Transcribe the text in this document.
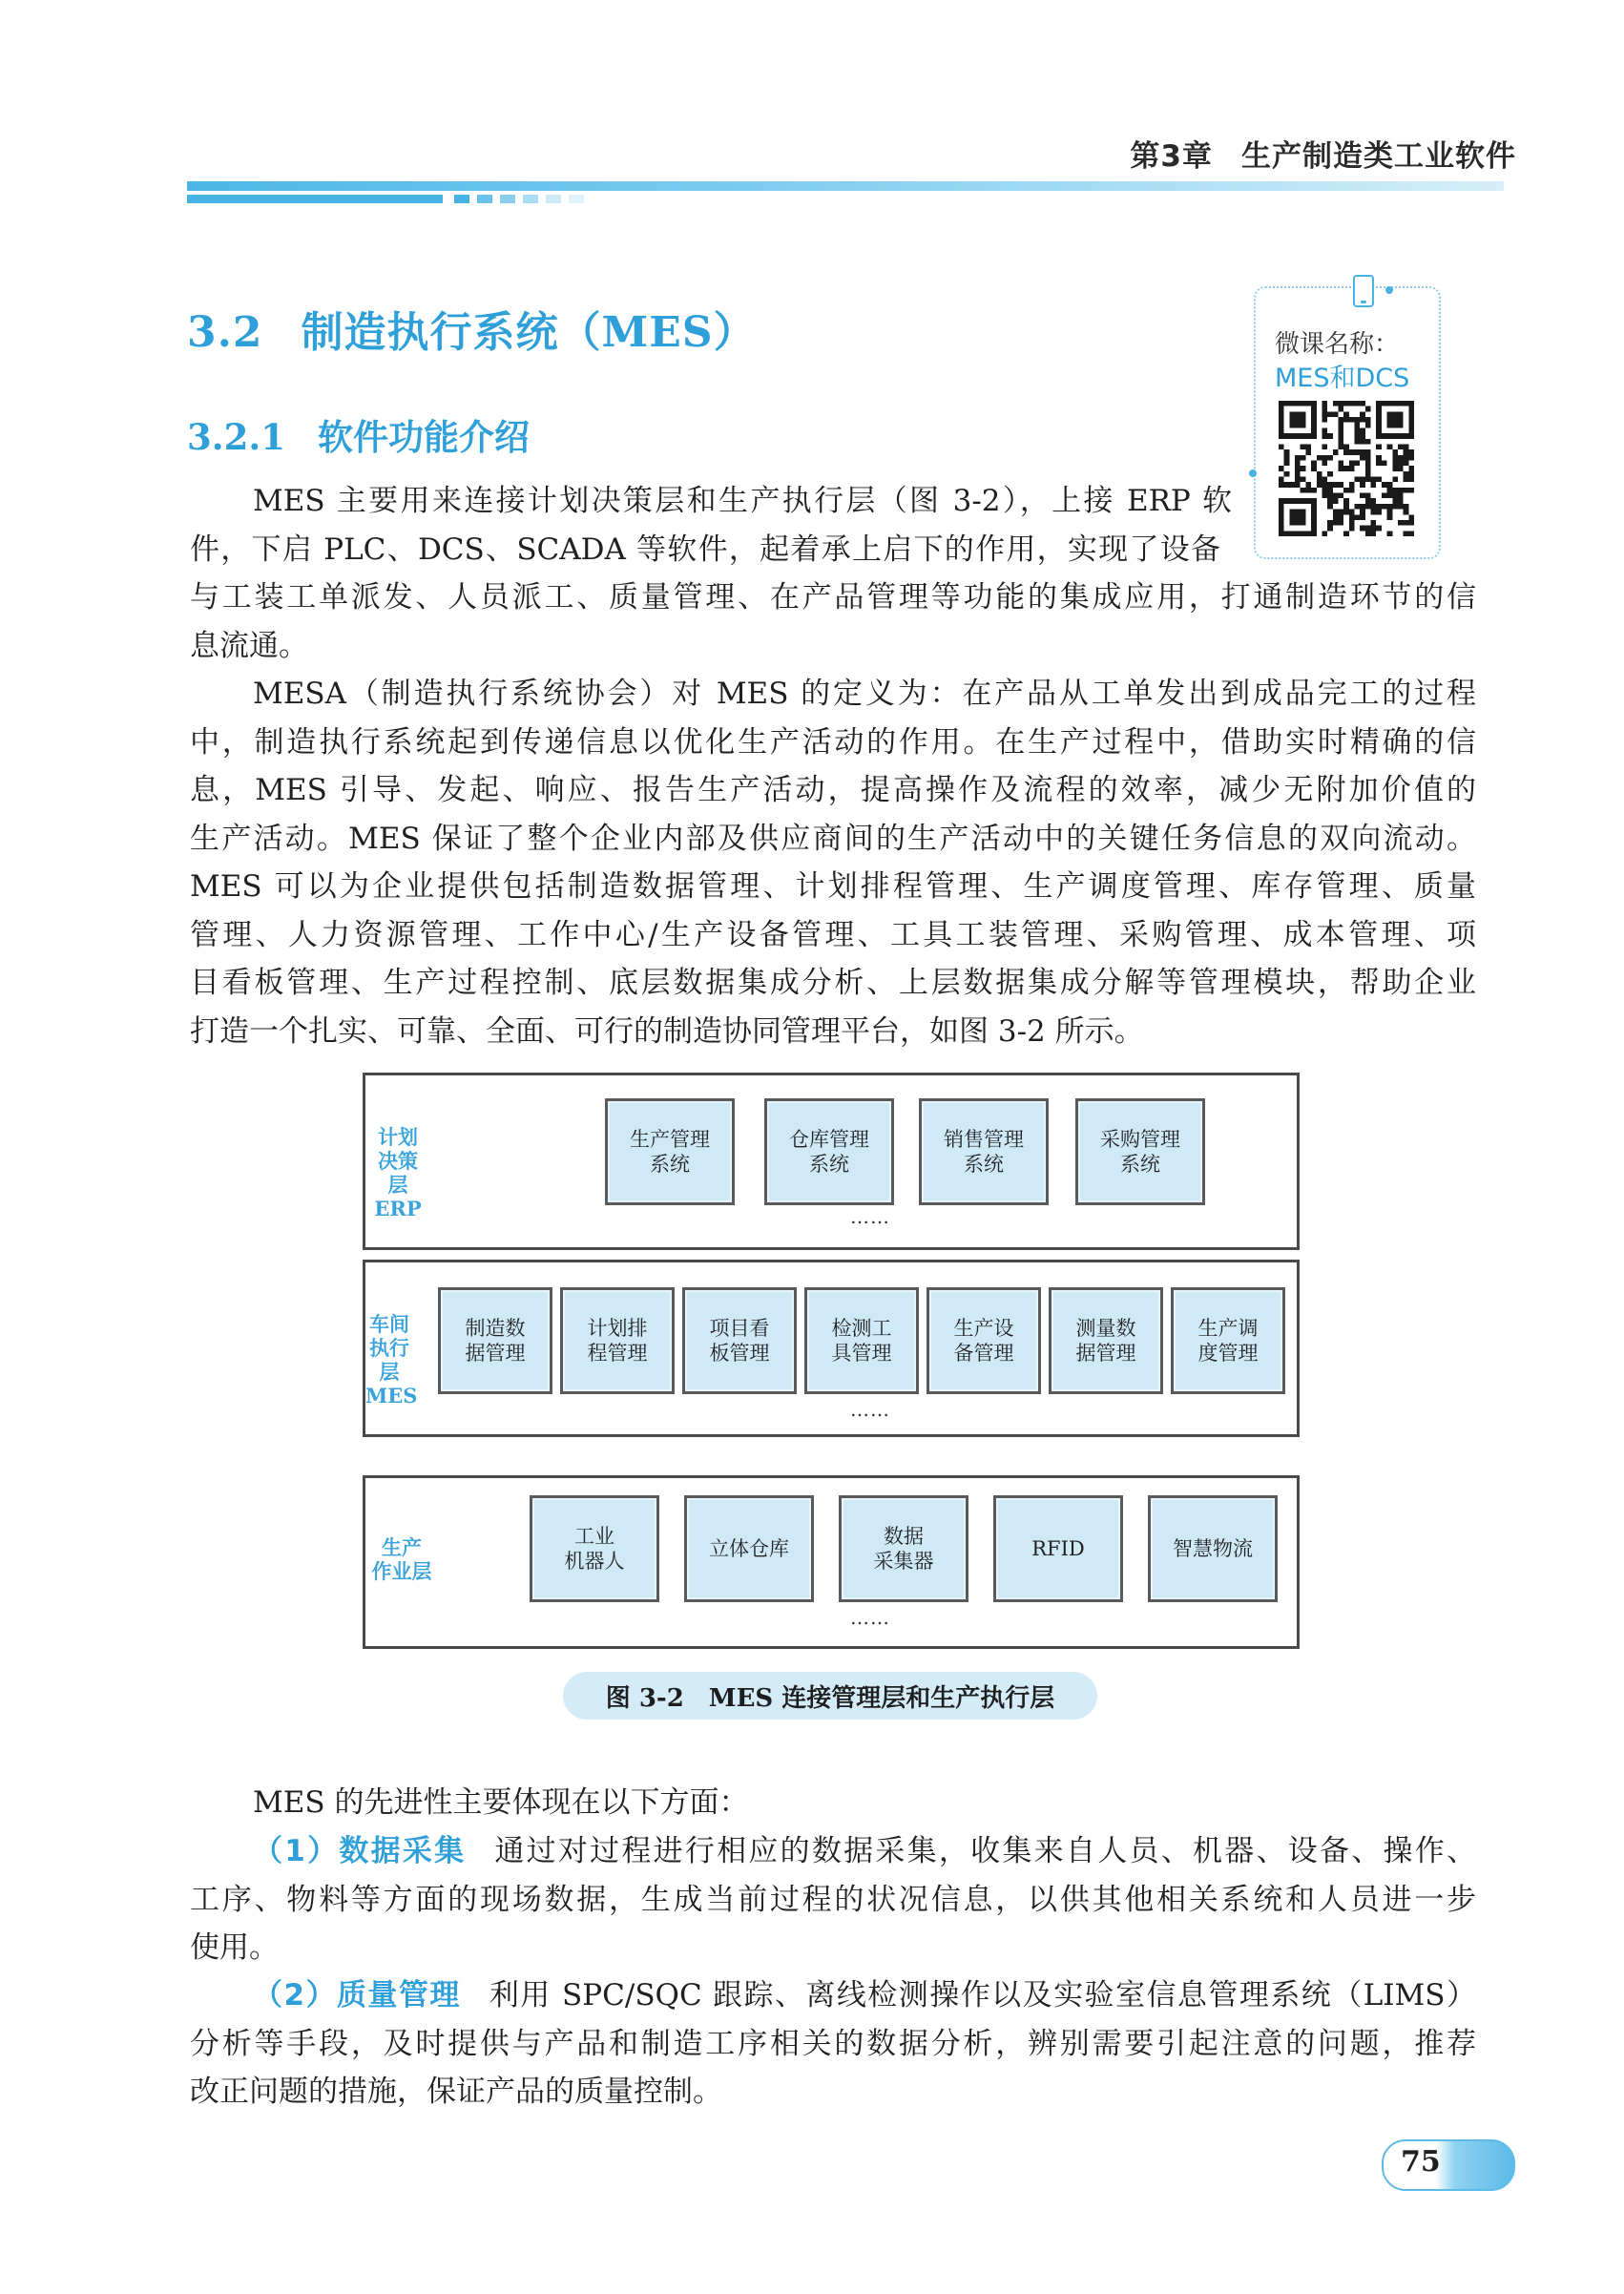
第3章 生产制造类工业软件
3.2 制造执行系统（MES）
3.2.1 软件功能介绍
微课名称：
MES和DCS
MES 主要用来连接计划决策层和生产执行层（图 3-2），上接 ERP 软
件，下启 PLC、DCS、SCADA 等软件，起着承上启下的作用，实现了设备
与工装工单派发、人员派工、质量管理、在产品管理等功能的集成应用，打通制造环节的信
息流通。
MESA（制造执行系统协会）对 MES 的定义为：在产品从工单发出到成品完工的过程
中，制造执行系统起到传递信息以优化生产活动的作用。在生产过程中，借助实时精确的信
息，MES 引导、发起、响应、报告生产活动，提高操作及流程的效率，减少无附加价值的
生产活动。MES 保证了整个企业内部及供应商间的生产活动中的关键任务信息的双向流动。
MES 可以为企业提供包括制造数据管理、计划排程管理、生产调度管理、库存管理、质量
管理、人力资源管理、工作中心/生产设备管理、工具工装管理、采购管理、成本管理、项
目看板管理、生产过程控制、底层数据集成分析、上层数据集成分解等管理模块，帮助企业
打造一个扎实、可靠、全面、可行的制造协同管理平台，如图 3-2 所示。
计划
决策层
ERP
生产管理
系统
仓库管理
系统
销售管理
系统
采购管理
系统
……
车间
执行层
MES
制造数
据管理
计划排
程管理
项目看
板管理
检测工
具管理
生产设
备管理
测量数
据管理
生产调
度管理
……
生产
作业层
工业
机器人
立体仓库
数据
采集器
RFID	智慧物流
……
图 3-2 MES 连接管理层和生产执行层
MES 的先进性主要体现在以下方面：
（1）数据采集 通过对过程进行相应的数据采集，收集来自人员、机器、设备、操作、
工序、物料等方面的现场数据，生成当前过程的状况信息，以供其他相关系统和人员进一步
使用。
（2）质量管理 利用 SPC/SQC 跟踪、离线检测操作以及实验室信息管理系统（LIMS）
分析等手段，及时提供与产品和制造工序相关的数据分析，辨别需要引起注意的问题，推荐
改正问题的措施，保证产品的质量控制。
75
